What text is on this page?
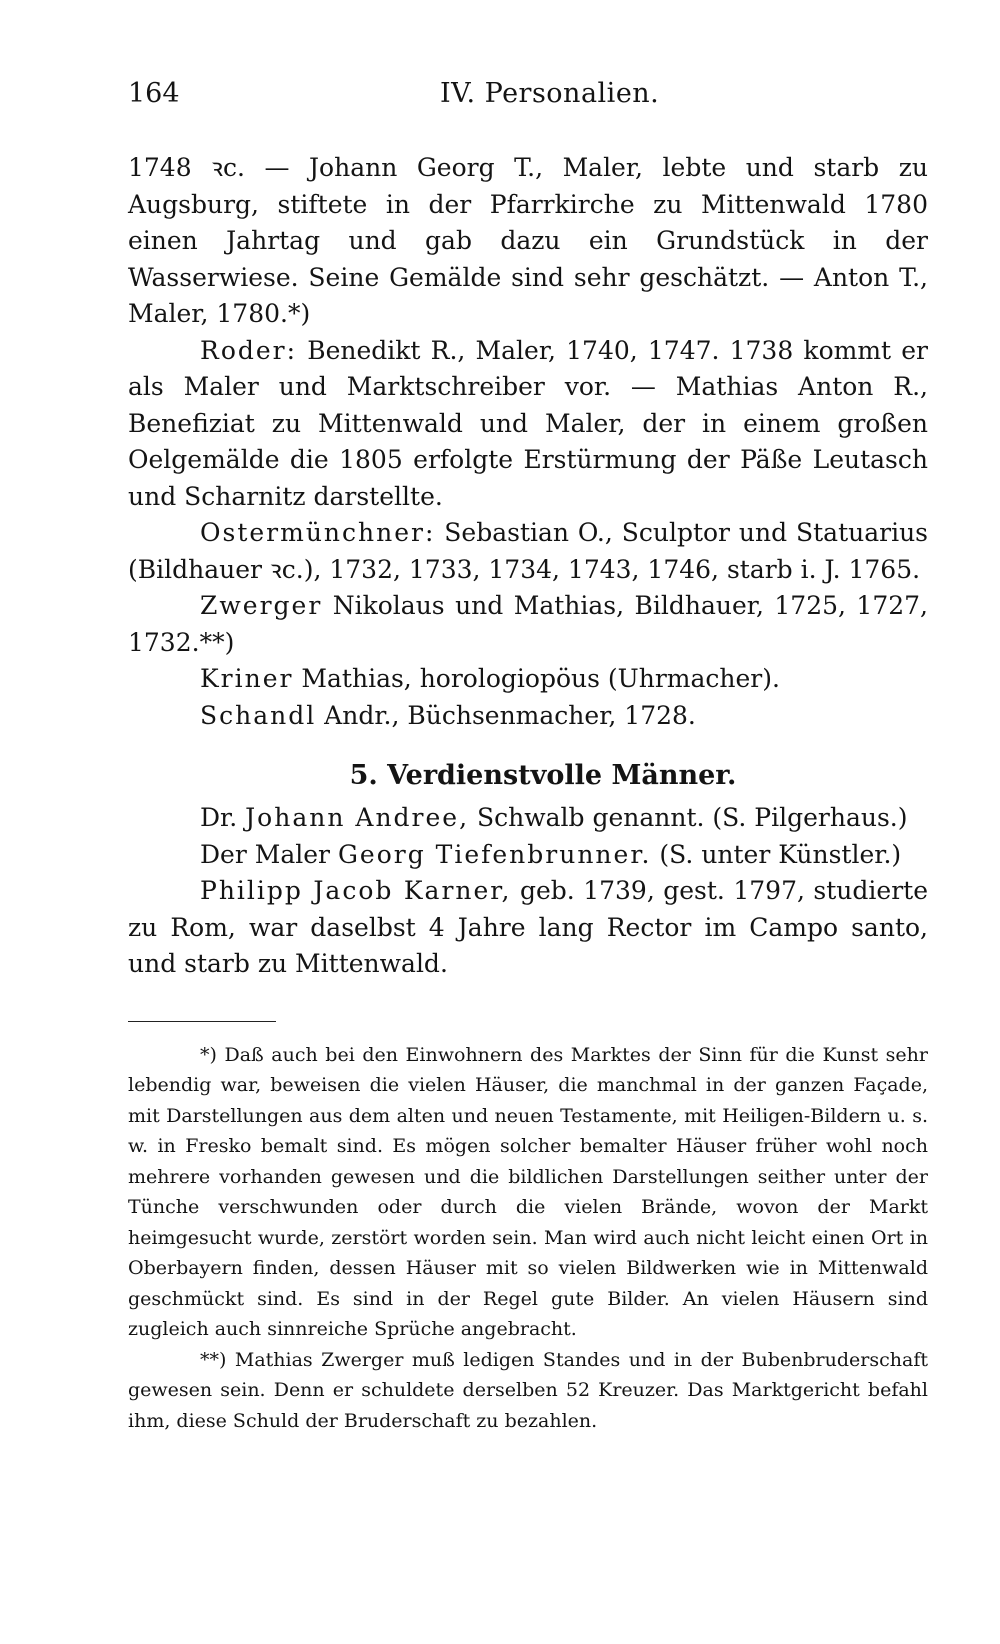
164	IV. Personalien.

1748 ꝛc. — Johann Georg T., Maler, lebte und starb zu Augsburg, stiftete in der Pfarrkirche zu Mittenwald 1780 einen Jahrtag und gab dazu ein Grundstück in der Wasserwiese. Seine Gemälde sind sehr geschätzt. — Anton T., Maler, 1780.*)

Roder: Benedikt R., Maler, 1740, 1747. 1738 kommt er als Maler und Marktschreiber vor. — Mathias Anton R., Benefiziat zu Mittenwald und Maler, der in einem großen Oelgemälde die 1805 erfolgte Erstürmung der Päße Leutasch und Scharnitz darstellte.

Ostermünchner: Sebastian O., Sculptor und Statuarius (Bildhauer ꝛc.), 1732, 1733, 1734, 1743, 1746, starb i. J. 1765.

Zwerger Nikolaus und Mathias, Bildhauer, 1725, 1727, 1732.**)

Kriner Mathias, horologiopöus (Uhrmacher).

Schandl Andr., Büchsenmacher, 1728.

5. Verdienstvolle Männer.

Dr. Johann Andree, Schwalb genannt. (S. Pilgerhaus.)

Der Maler Georg Tiefenbrunner. (S. unter Künstler.)

Philipp Jacob Karner, geb. 1739, gest. 1797, studierte zu Rom, war daselbst 4 Jahre lang Rector im Campo santo, und starb zu Mittenwald.

*) Daß auch bei den Einwohnern des Marktes der Sinn für die Kunst sehr lebendig war, beweisen die vielen Häuser, die manchmal in der ganzen Façade, mit Darstellungen aus dem alten und neuen Testamente, mit Heiligen-Bildern u. s. w. in Fresko bemalt sind. Es mögen solcher bemalter Häuser früher wohl noch mehrere vorhanden gewesen und die bildlichen Darstellungen seither unter der Tünche verschwunden oder durch die vielen Brände, wovon der Markt heimgesucht wurde, zerstört worden sein. Man wird auch nicht leicht einen Ort in Oberbayern finden, dessen Häuser mit so vielen Bildwerken wie in Mittenwald geschmückt sind. Es sind in der Regel gute Bilder. An vielen Häusern sind zugleich auch sinnreiche Sprüche angebracht.

**) Mathias Zwerger muß ledigen Standes und in der Bubenbruderschaft gewesen sein. Denn er schuldete derselben 52 Kreuzer. Das Marktgericht befahl ihm, diese Schuld der Bruderschaft zu bezahlen.
